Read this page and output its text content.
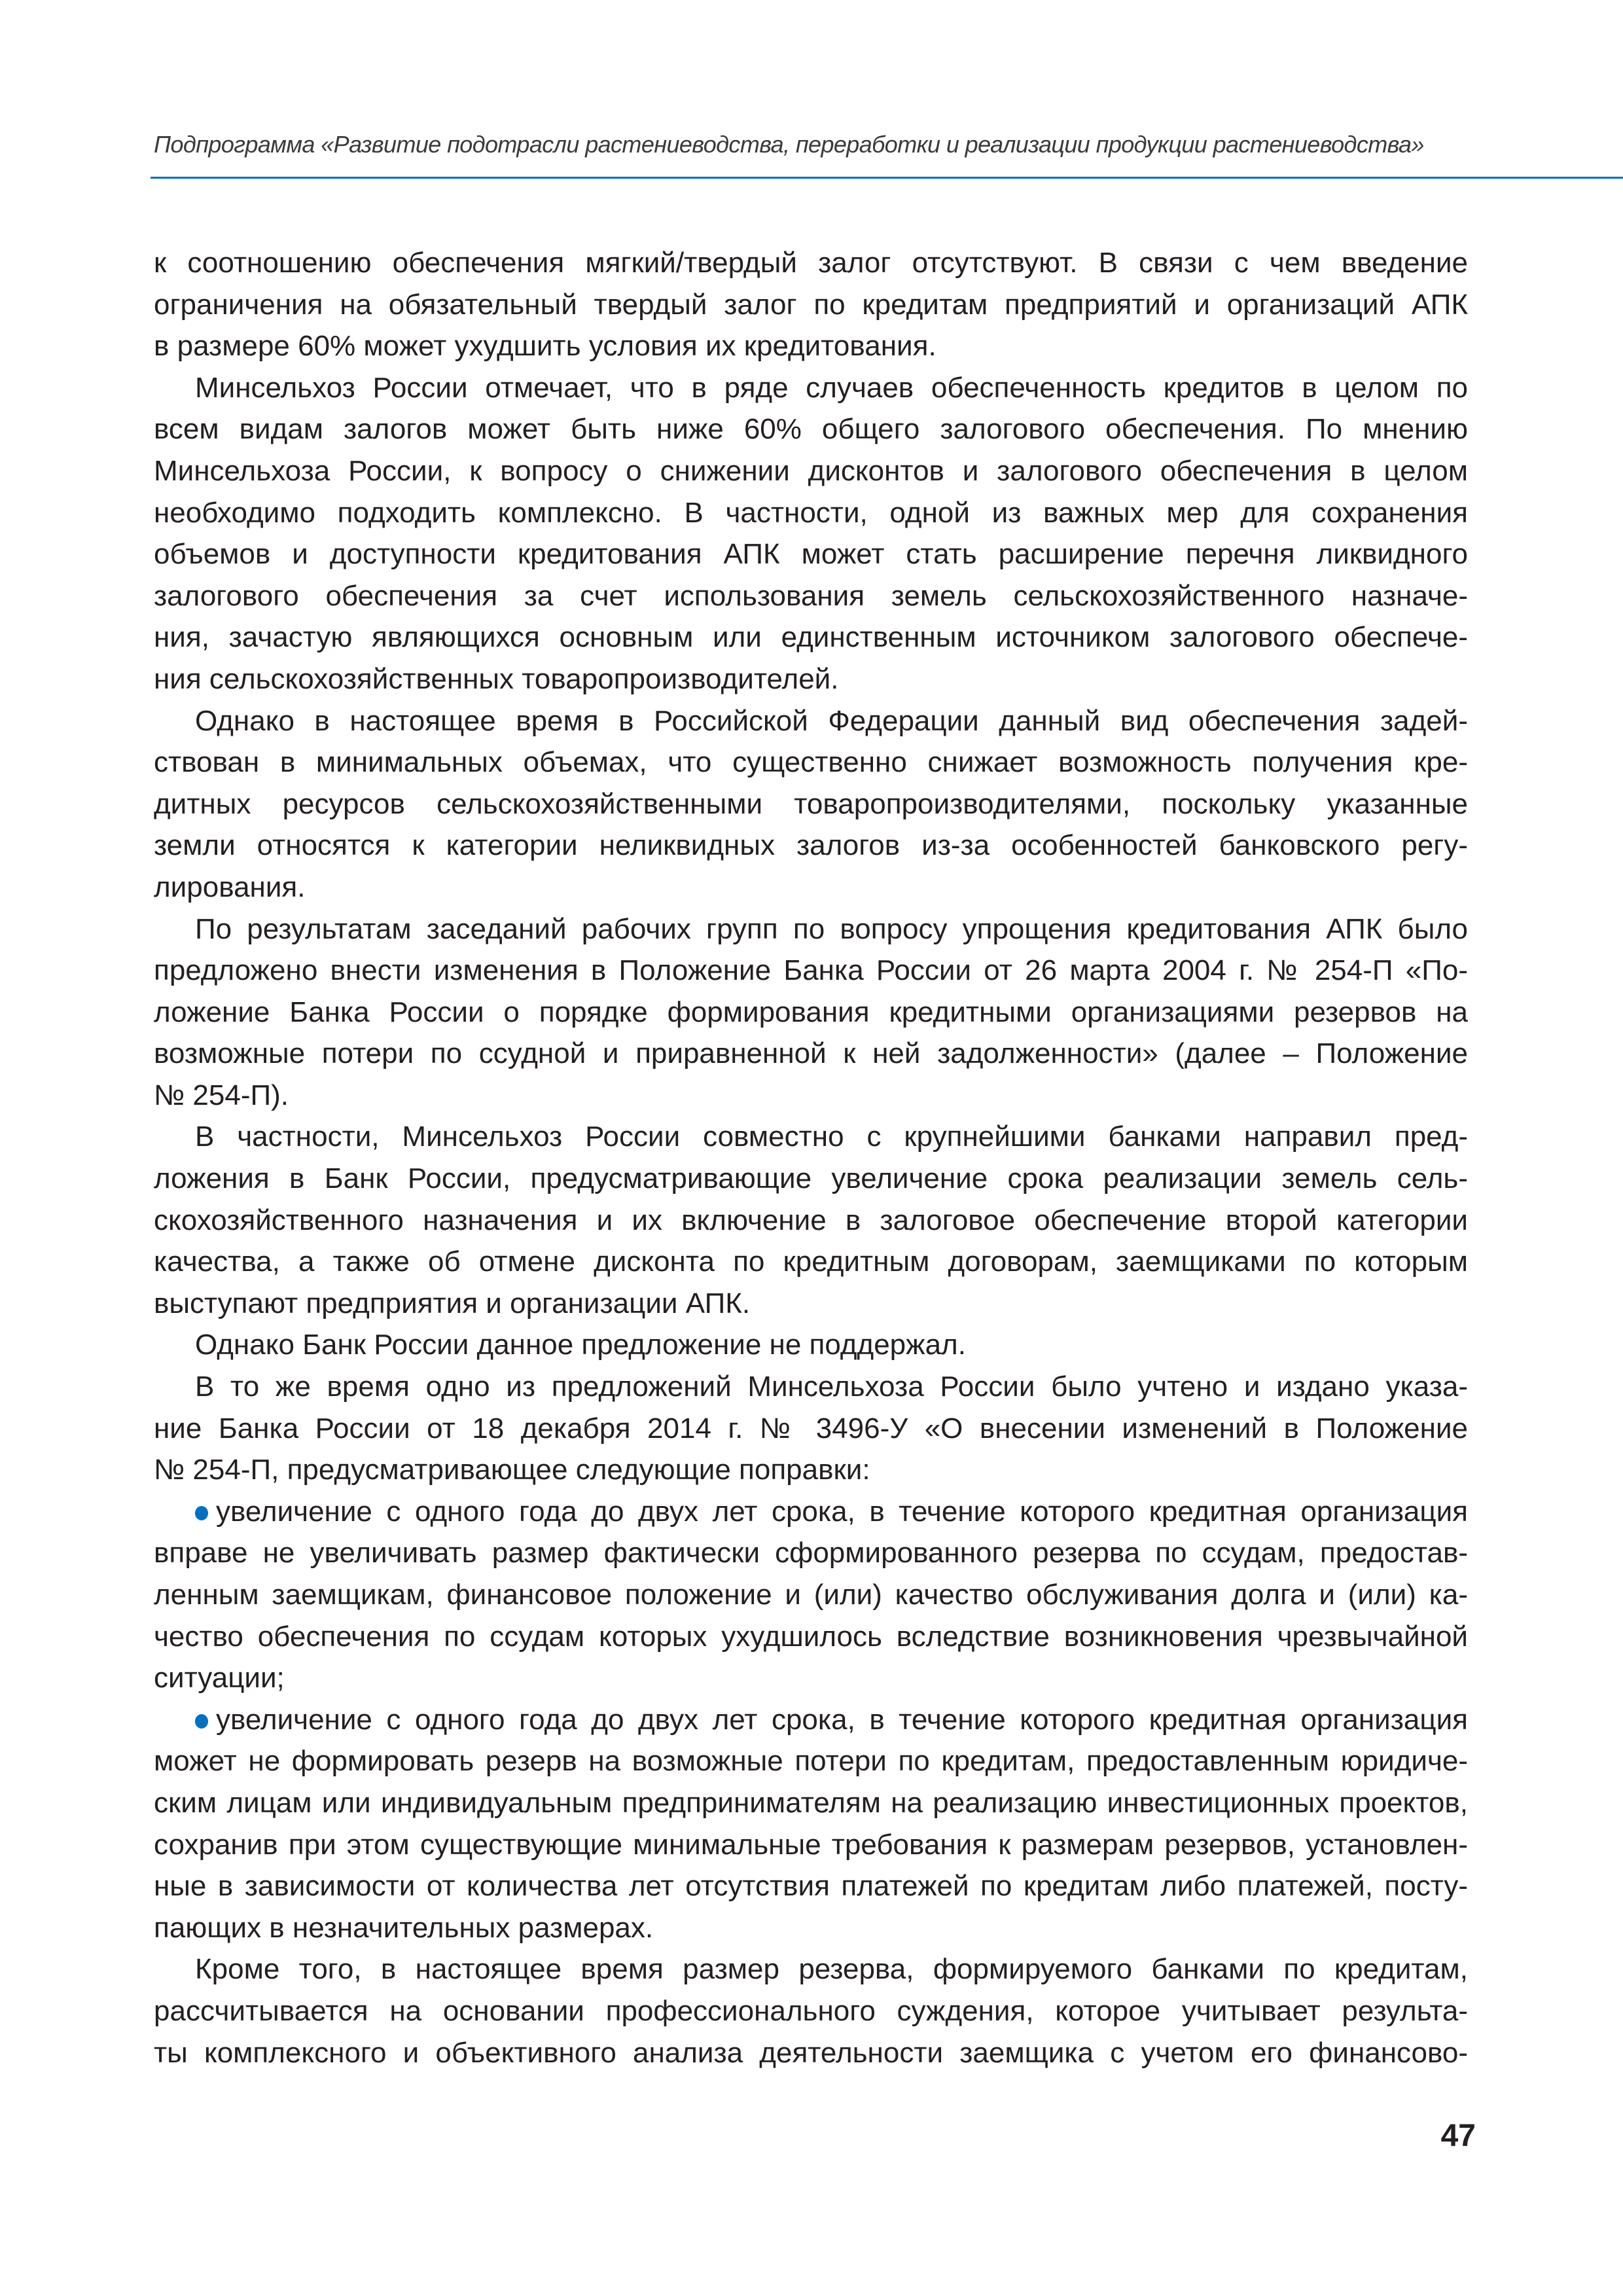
Подпрограмма «Развитие подотрасли растениеводства, переработки и реализации продукции растениеводства»
к соотношению обеспечения мягкий/твердый залог отсутствуют. В связи с чем введение
ограничения на обязательный твердый залог по кредитам предприятий и организаций АПК
в размере 60% может ухудшить условия их кредитования.
Минсельхоз России отмечает, что в ряде случаев обеспеченность кредитов в целом по
всем видам залогов может быть ниже 60% общего залогового обеспечения. По мнению
Минсельхоза России, к вопросу о снижении дисконтов и залогового обеспечения в целом
необходимо подходить комплексно. В частности, одной из важных мер для сохранения
объемов и доступности кредитования АПК может стать расширение перечня ликвидного
залогового обеспечения за счет использования земель сельскохозяйственного назначе-
ния, зачастую являющихся основным или единственным источником залогового обеспече-
ния сельскохозяйственных товаропроизводителей.
Однако в настоящее время в Российской Федерации данный вид обеспечения задей-
ствован в минимальных объемах, что существенно снижает возможность получения кре-
дитных ресурсов сельскохозяйственными товаропроизводителями, поскольку указанные
земли относятся к категории неликвидных залогов из-за особенностей банковского регу-
лирования.
По результатам заседаний рабочих групп по вопросу упрощения кредитования АПК было
предложено внести изменения в Положение Банка России от 26 марта 2004 г. № 254-П «По-
ложение Банка России о порядке формирования кредитными организациями резервов на
возможные потери по ссудной и приравненной к ней задолженности» (далее – Положение
№ 254-П).
В частности, Минсельхоз России совместно с крупнейшими банками направил пред-
ложения в Банк России, предусматривающие увеличение срока реализации земель сель-
скохозяйственного назначения и их включение в залоговое обеспечение второй категории
качества, а также об отмене дисконта по кредитным договорам, заемщиками по которым
выступают предприятия и организации АПК.
Однако Банк России данное предложение не поддержал.
В то же время одно из предложений Минсельхоза России было учтено и издано указа-
ние Банка России от 18 декабря 2014 г. № 3496-У «О внесении изменений в Положение
№ 254-П, предусматривающее следующие поправки:
увеличение с одного года до двух лет срока, в течение которого кредитная организация
вправе не увеличивать размер фактически сформированного резерва по ссудам, предостав-
ленным заемщикам, финансовое положение и (или) качество обслуживания долга и (или) ка-
чество обеспечения по ссудам которых ухудшилось вследствие возникновения чрезвычайной
ситуации;
увеличение с одного года до двух лет срока, в течение которого кредитная организация
может не формировать резерв на возможные потери по кредитам, предоставленным юридиче-
ским лицам или индивидуальным предпринимателям на реализацию инвестиционных проектов,
сохранив при этом существующие минимальные требования к размерам резервов, установлен-
ные в зависимости от количества лет отсутствия платежей по кредитам либо платежей, посту-
пающих в незначительных размерах.
Кроме того, в настоящее время размер резерва, формируемого банками по кредитам,
рассчитывается на основании профессионального суждения, которое учитывает результа-
ты комплексного и объективного анализа деятельности заемщика с учетом его финансово-
47
